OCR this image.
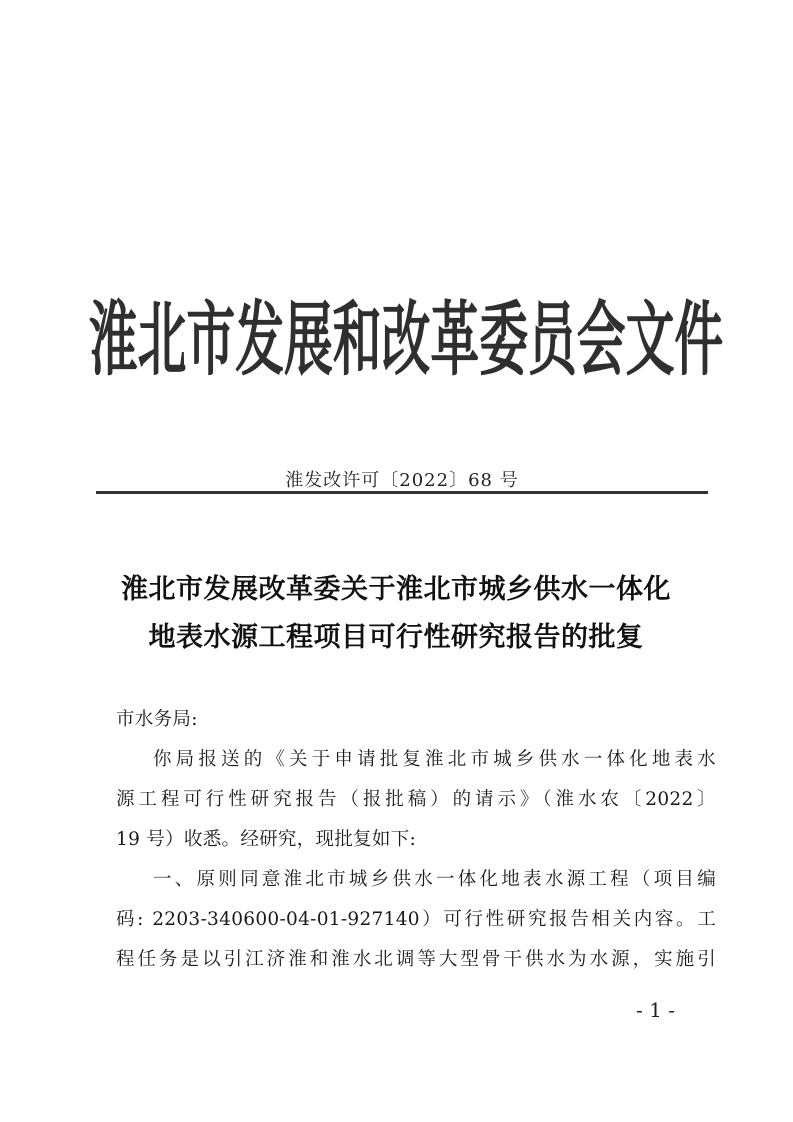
淮北市发展和改革委员会文件
淮发改许可〔2022〕68 号
淮北市发展改革委关于淮北市城乡供水一体化
地表水源工程项目可行性研究报告的批复
市水务局:
你局报送的《关于申请批复淮北市城乡供水一体化地表水
源工程可行性研究报告（报批稿）的请示》（淮水农〔2022〕
19 号）收悉。经研究，现批复如下:
一、原则同意淮北市城乡供水一体化地表水源工程（项目编
码: 2203-340600-04-01-927140）可行性研究报告相关内容。工
程任务是以引江济淮和淮水北调等大型骨干供水为水源，实施引
- 1 -
